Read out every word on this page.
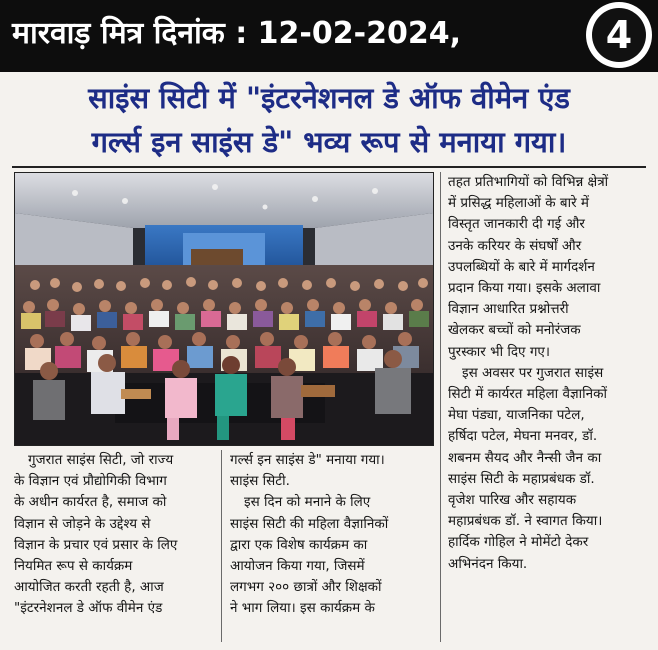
मारवाड़ मित्र दिनांक : 12-02-2024,	4
साइंस सिटी में "इंटरनेशनल डे ऑफ वीमेन एंड
गर्ल्स इन साइंस डे" भव्य रूप से मनाया गया।

गुजरात साइंस सिटी, जो राज्य

के विज्ञान एवं प्रौद्योगिकी विभाग

के अधीन कार्यरत है, समाज को

विज्ञान से जोड़ने के उद्देश्य से

विज्ञान के प्रचार एवं प्रसार के लिए

नियमित रूप से कार्यक्रम

आयोजित करती रहती है, आज

"इंटरनेशनल डे ऑफ वीमेन एंड

गर्ल्स इन साइंस डे" मनाया गया।

साइंस सिटी.

इस दिन को मनाने के लिए

साइंस सिटी की महिला वैज्ञानिकों

द्वारा एक विशेष कार्यक्रम का

आयोजन किया गया, जिसमें

लगभग २०० छात्रों और शिक्षकों

ने भाग लिया। इस कार्यक्रम के

तहत प्रतिभागियों को विभिन्न क्षेत्रों

में प्रसिद्ध महिलाओं के बारे में

विस्तृत जानकारी दी गई और

उनके करियर के संघर्षों और

उपलब्धियों के बारे में मार्गदर्शन

प्रदान किया गया। इसके अलावा

विज्ञान आधारित प्रश्नोत्तरी

खेलकर बच्चों को मनोरंजक

पुरस्कार भी दिए गए।

इस अवसर पर गुजरात साइंस

सिटी में कार्यरत महिला वैज्ञानिकों

मेघा पंड्या, याजनिका पटेल,

हर्षिदा पटेल, मेघना मनवर, डॉ.

शबनम सैयद और नैन्सी जैन का

साइंस सिटी के महाप्रबंधक डॉ.

वृजेश पारिख और सहायक

महाप्रबंधक डॉ. ने स्वागत किया।

हार्दिक गोहिल ने मोमेंटो देकर

अभिनंदन किया.
